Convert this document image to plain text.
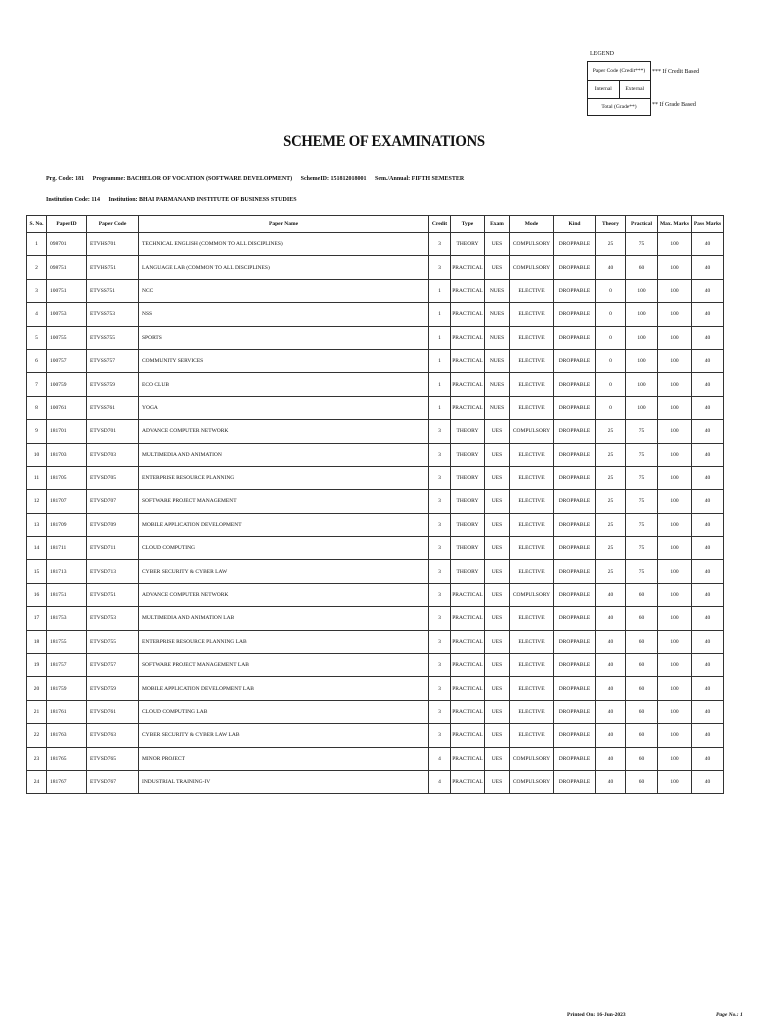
LEGEND
Paper Code (Credit***)
Internal	External
Total (Grade**)
*** If Credit Based
** If Grade Based
SCHEME OF EXAMINATIONS
Prg. Code: 181 Programme: BACHELOR OF VOCATION (SOFTWARE DEVELOPMENT) SchemeID: 151812018001 Sem./Annual: FIFTH SEMESTER
Institution Code: 114 Institution: BHAI PARMANAND INSTITUTE OF BUSINESS STUDIES
S. No.	PaperID	Paper Code	Paper Name	Credit	Type	Exam	Mode	Kind	Theory	Practical	Max. Marks	Pass Marks
1	098701	ETVHS701	TECHNICAL ENGLISH (COMMON TO ALL DISCIPLINES)	3	THEORY	UES	COMPULSORY	DROPPABLE	25	75	100	40
2	098751	ETVHS751	LANGUAGE LAB (COMMON TO ALL DISCIPLINES)	3	PRACTICAL	UES	COMPULSORY	DROPPABLE	40	60	100	40
3	100751	ETVSS751	NCC	1	PRACTICAL	NUES	ELECTIVE	DROPPABLE	0	100	100	40
4	100753	ETVSS753	NSS	1	PRACTICAL	NUES	ELECTIVE	DROPPABLE	0	100	100	40
5	100755	ETVSS755	SPORTS	1	PRACTICAL	NUES	ELECTIVE	DROPPABLE	0	100	100	40
6	100757	ETVSS757	COMMUNITY SERVICES	1	PRACTICAL	NUES	ELECTIVE	DROPPABLE	0	100	100	40
7	100759	ETVSS759	ECO CLUB	1	PRACTICAL	NUES	ELECTIVE	DROPPABLE	0	100	100	40
8	100761	ETVSS761	YOGA	1	PRACTICAL	NUES	ELECTIVE	DROPPABLE	0	100	100	40
9	181701	ETVSD701	ADVANCE COMPUTER NETWORK	3	THEORY	UES	COMPULSORY	DROPPABLE	25	75	100	40
10	181703	ETVSD703	MULTIMEDIA AND ANIMATION	3	THEORY	UES	ELECTIVE	DROPPABLE	25	75	100	40
11	181705	ETVSD705	ENTERPRISE RESOURCE PLANNING	3	THEORY	UES	ELECTIVE	DROPPABLE	25	75	100	40
12	181707	ETVSD707	SOFTWARE PROJECT MANAGEMENT	3	THEORY	UES	ELECTIVE	DROPPABLE	25	75	100	40
13	181709	ETVSD709	MOBILE APPLICATION DEVELOPMENT	3	THEORY	UES	ELECTIVE	DROPPABLE	25	75	100	40
14	181711	ETVSD711	CLOUD COMPUTING	3	THEORY	UES	ELECTIVE	DROPPABLE	25	75	100	40
15	181713	ETVSD713	CYBER SECURITY & CYBER LAW	3	THEORY	UES	ELECTIVE	DROPPABLE	25	75	100	40
16	181751	ETVSD751	ADVANCE COMPUTER NETWORK	3	PRACTICAL	UES	COMPULSORY	DROPPABLE	40	60	100	40
17	181753	ETVSD753	MULTIMEDIA AND ANIMATION LAB	3	PRACTICAL	UES	ELECTIVE	DROPPABLE	40	60	100	40
18	181755	ETVSD755	ENTERPRISE RESOURCE PLANNING LAB	3	PRACTICAL	UES	ELECTIVE	DROPPABLE	40	60	100	40
19	181757	ETVSD757	SOFTWARE PROJECT MANAGEMENT LAB	3	PRACTICAL	UES	ELECTIVE	DROPPABLE	40	60	100	40
20	181759	ETVSD759	MOBILE APPLICATION DEVELOPMENT LAB	3	PRACTICAL	UES	ELECTIVE	DROPPABLE	40	60	100	40
21	181761	ETVSD761	CLOUD COMPUTING LAB	3	PRACTICAL	UES	ELECTIVE	DROPPABLE	40	60	100	40
22	181763	ETVSD763	CYBER SECURITY & CYBER LAW LAB	3	PRACTICAL	UES	ELECTIVE	DROPPABLE	40	60	100	40
23	181765	ETVSD765	MINOR PROJECT	4	PRACTICAL	UES	COMPULSORY	DROPPABLE	40	60	100	40
24	181767	ETVSD767	INDUSTRIAL TRAINING-IV	4	PRACTICAL	UES	COMPULSORY	DROPPABLE	40	60	100	40
Printed On: 16-Jun-2023	Page No.: 1
